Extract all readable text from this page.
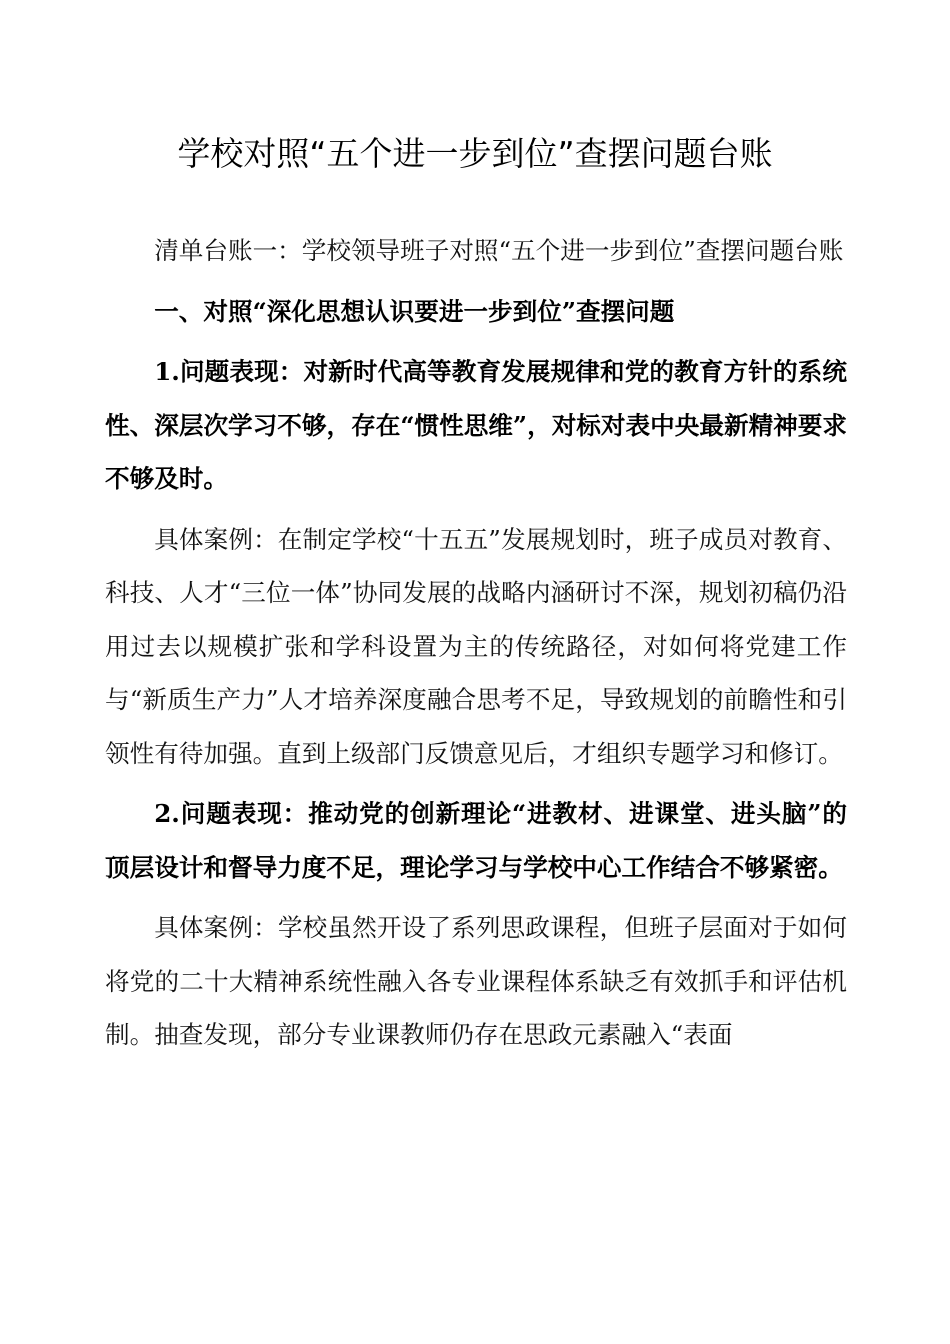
学校对照“五个进一步到位”查摆问题台账

清单台账一：学校领导班子对照“五个进一步到位”查摆问题台账

一、对照“深化思想认识要进一步到位”查摆问题

1.问题表现：对新时代高等教育发展规律和党的教育方针的系统性、深层次学习不够，存在“惯性思维”，对标对表中央最新精神要求不够及时。

具体案例：在制定学校“十五五”发展规划时，班子成员对教育、科技、人才“三位一体”协同发展的战略内涵研讨不深，规划初稿仍沿用过去以规模扩张和学科设置为主的传统路径，对如何将党建工作与“新质生产力”人才培养深度融合思考不足，导致规划的前瞻性和引领性有待加强。直到上级部门反馈意见后，才组织专题学习和修订。

2.问题表现：推动党的创新理论“进教材、进课堂、进头脑”的顶层设计和督导力度不足，理论学习与学校中心工作结合不够紧密。

具体案例：学校虽然开设了系列思政课程，但班子层面对于如何将党的二十大精神系统性融入各专业课程体系缺乏有效抓手和评估机制。抽查发现，部分专业课教师仍存在思政元素融入“表面
